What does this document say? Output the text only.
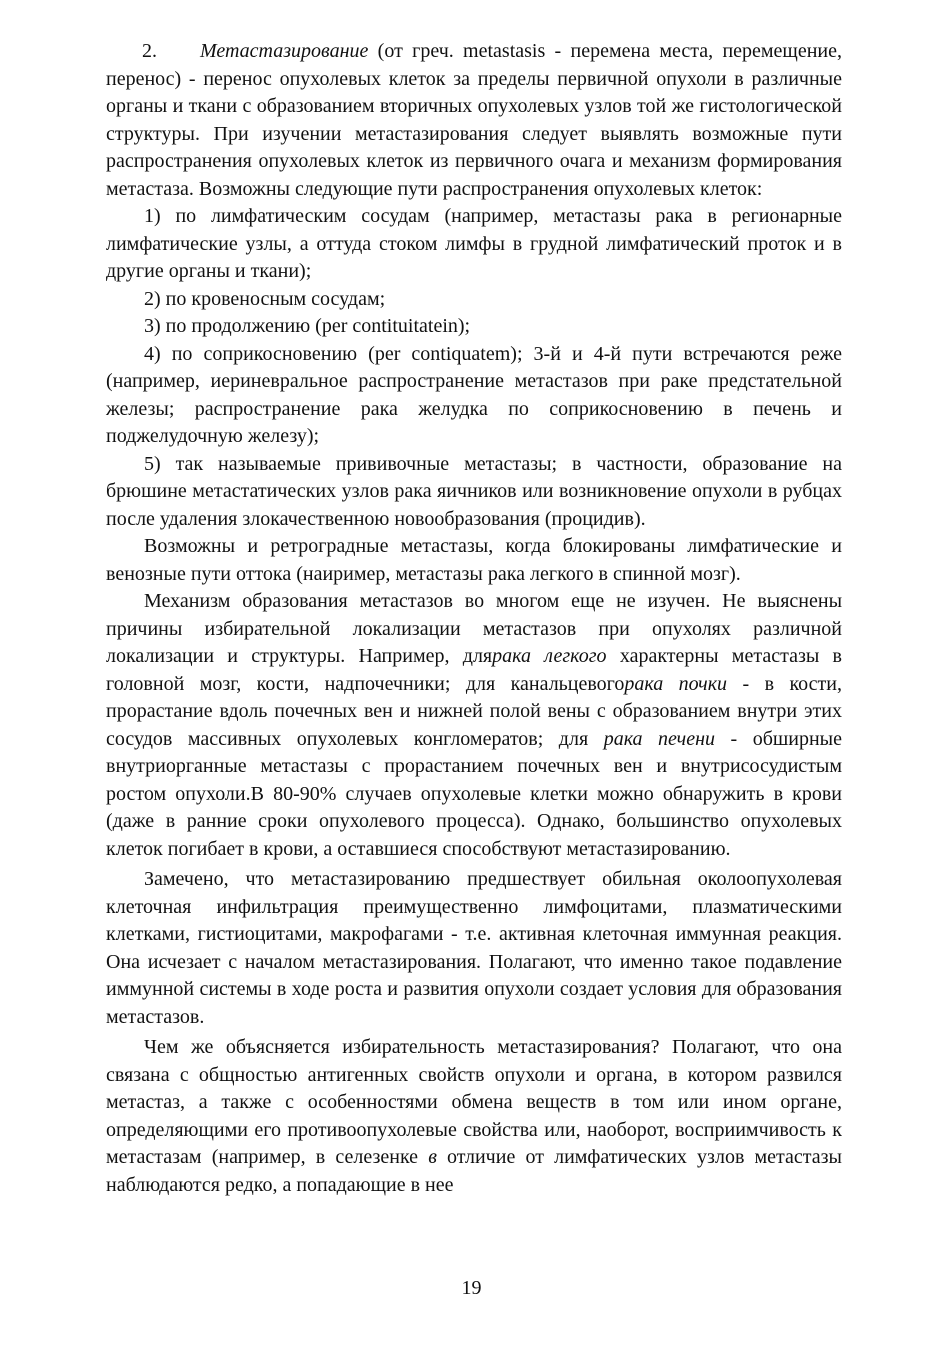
2. Метастазирование (от греч. metastasis - перемена места, перемещение, перенос) - перенос опухолевых клеток за пределы первичной опухоли в различные органы и ткани с образованием вторичных опухолевых узлов той же гистологической структуры. При изучении метастазирования следует выявлять возможные пути распространения опухолевых клеток из первичного очага и механизм формирования метастаза. Возможны следующие пути распространения опухолевых клеток:

1) по лимфатическим сосудам (например, метастазы рака в регионарные лимфатические узлы, а оттуда стоком лимфы в грудной лимфатический проток и в другие органы и ткани);

2) по кровеносным сосудам;

3) по продолжению (per contituitatein);

4) по соприкосновению (per contiquatem); 3-й и 4-й пути встречаются реже (например, иериневральное распространение метастазов при раке предстательной железы; распространение рака желудка по соприкосновению в печень и поджелудочную железу);

5) так называемые прививочные метастазы; в частности, образование на брюшине метастатических узлов рака яичников или возникновение опухоли в рубцах после удаления злокачественною новообразования (процидив).

Возможны и ретроградные метастазы, когда блокированы лимфатические и венозные пути оттока (наиример, метастазы рака легкого в спинной мозг).

Механизм образования метастазов во многом еще не изучен. Не выяснены причины избирательной локализации метастазов при опухолях различной локализации и структуры. Например, длярака легкого характерны метастазы в головной мозг, кости, надпочечники; для канальцевогорака почки - в кости, прорастание вдоль почечных вен и нижней полой вены с образованием внутри этих сосудов массивных опухолевых конгломератов; для рака печени - обширные внутриорганные метастазы с прорастанием почечных вен и внутрисосудистым ростом опухоли.В 80-90% случаев опухолевые клетки можно обнаружить в крови (даже в ранние сроки опухолевого процесса). Однако, большинство опухолевых клеток погибает в крови, а оставшиеся способствуют метастазированию.

Замечено, что метастазированию предшествует обильная околоопухолевая клеточная инфильтрация преимущественно лимфоцитами, плазматическими клетками, гистиоцитами, макрофагами - т.е. активная клеточная иммунная реакция. Она исчезает с началом метастазирования. Полагают, что именно такое подавление иммунной системы в ходе роста и развития опухоли создает условия для образования метастазов.

Чем же объясняется избирательность метастазирования? Полагают, что она связана с общностью антигенных свойств опухоли и органа, в котором развился метастаз, а также с особенностями обмена веществ в том или ином органе, определяющими его противоопухолевые свойства или, наоборот, восприимчивость к метастазам (например, в селезенке в отличие от лимфатических узлов метастазы наблюдаются редко, а попадающие в нее

19
